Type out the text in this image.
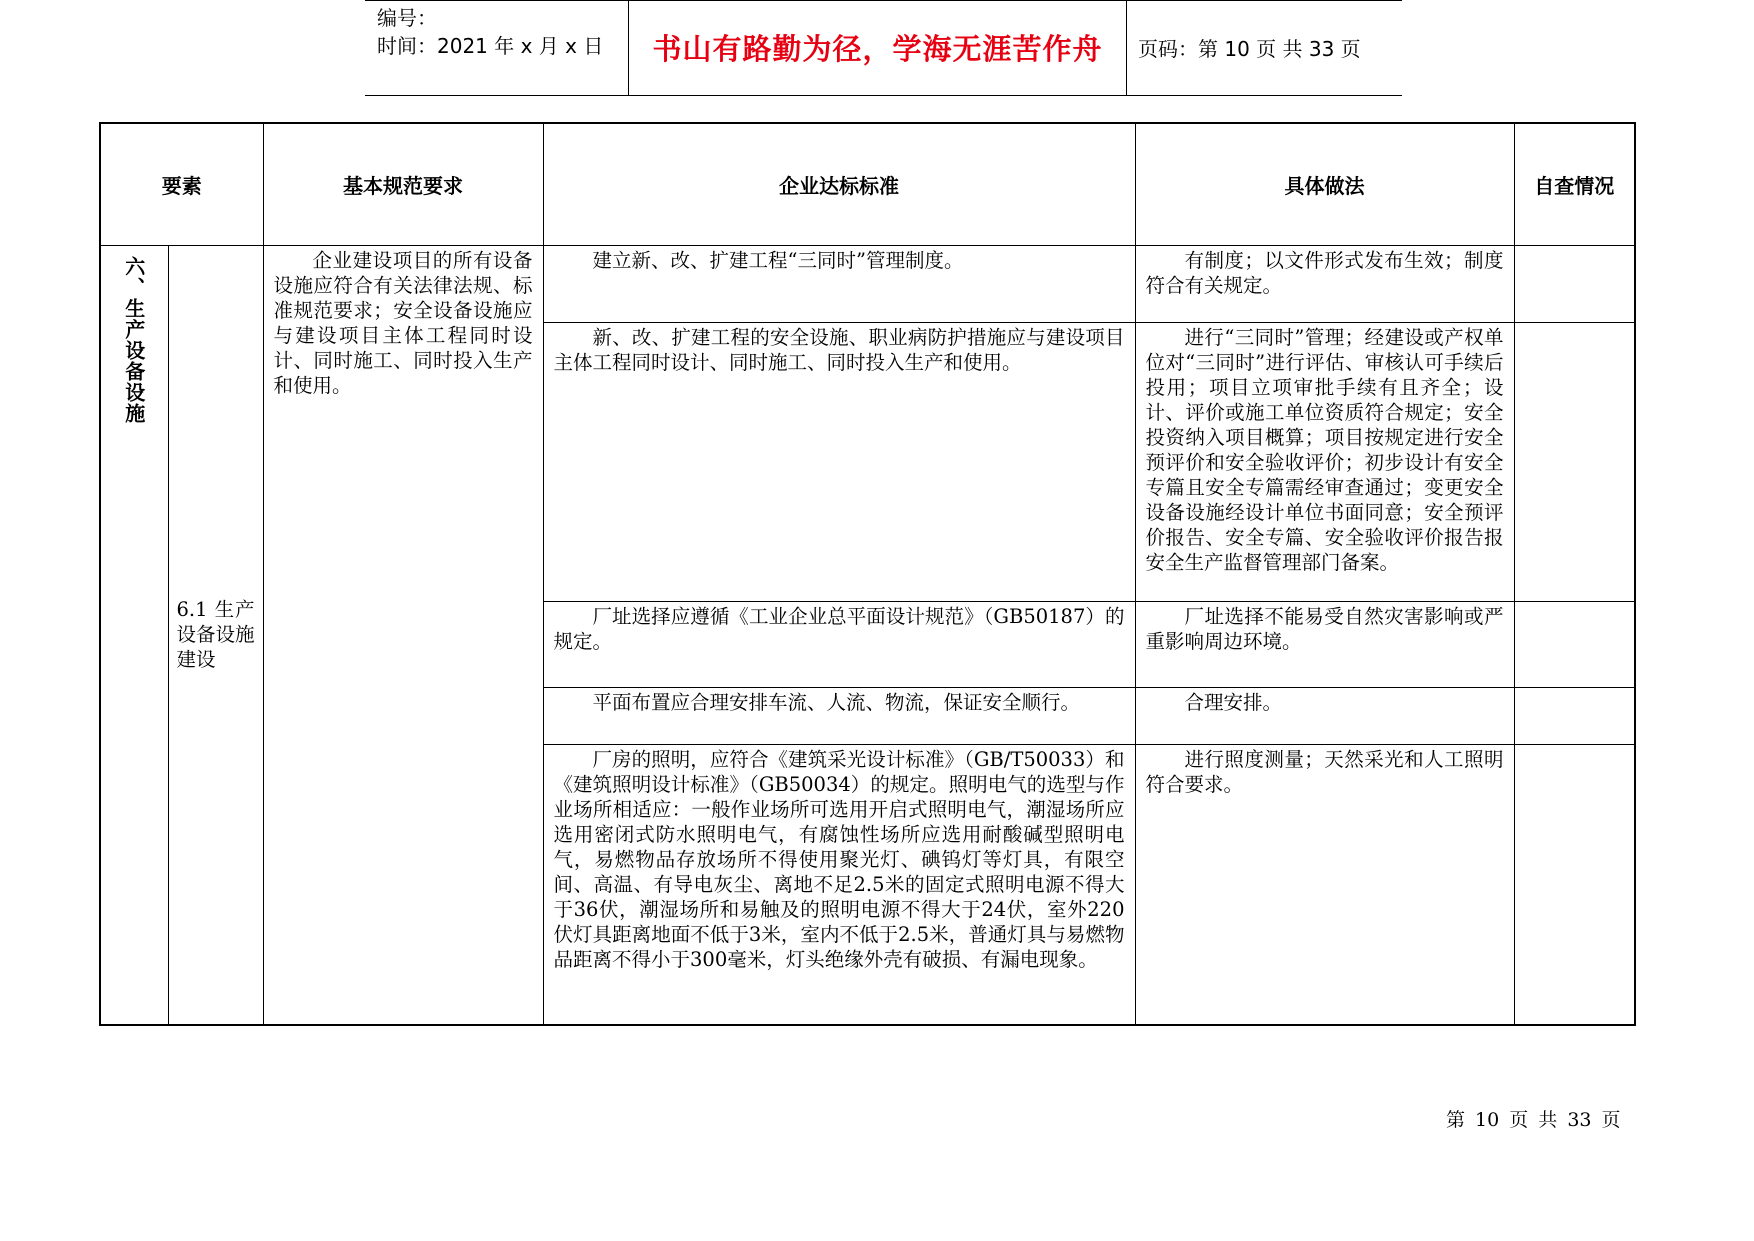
编号：
时间：2021 年 x 月 x 日 书山有路勤为径，学海无涯苦作舟 页码：第 10 页 共 33 页
要素		基本规范要求	企业达标标准	具体做法	自查情况

六、生产设备设施	6.1 生产设备设施建设	企业建设项目的所有设备设施应符合有关法律法规、标准规范要求；安全设备设施应与建设项目主体工程同时设计、同时施工、同时投入生产和使用。	建立新、改、扩建工程“三同时”管理制度。	有制度；以文件形式发布生效；制度符合有关规定。	

			新、改、扩建工程的安全设施、职业病防护措施应与建设项目主体工程同时设计、同时施工、同时投入生产和使用。	进行“三同时”管理；经建设或产权单位对“三同时”进行评估、审核认可手续后投用；项目立项审批手续有且齐全；设计、评价或施工单位资质符合规定；安全投资纳入项目概算；项目按规定进行安全预评价和安全验收评价；初步设计有安全专篇且安全专篇需经审查通过；变更安全设备设施经设计单位书面同意；安全预评价报告、安全专篇、安全验收评价报告报安全生产监督管理部门备案。	

			厂址选择应遵循《工业企业总平面设计规范》（GB50187）的规定。	厂址选择不能易受自然灾害影响或严重影响周边环境。	

			平面布置应合理安排车流、人流、物流，保证安全顺行。	合理安排。	

			厂房的照明，应符合《建筑采光设计标准》（GB/T50033）和《建筑照明设计标准》（GB50034）的规定。照明电气的选型与作业场所相适应：一般作业场所可选用开启式照明电气，潮湿场所应选用密闭式防水照明电气，有腐蚀性场所应选用耐酸碱型照明电气，易燃物品存放场所不得使用聚光灯、碘钨灯等灯具，有限空间、高温、有导电灰尘、离地不足2.5米的固定式照明电源不得大于36伏，潮湿场所和易触及的照明电源不得大于24伏，室外220伏灯具距离地面不低于3米，室内不低于2.5米，普通灯具与易燃物品距离不得小于300毫米，灯头绝缘外壳有破损、有漏电现象。	进行照度测量；天然采光和人工照明符合要求。	

第 10 页 共 33 页
